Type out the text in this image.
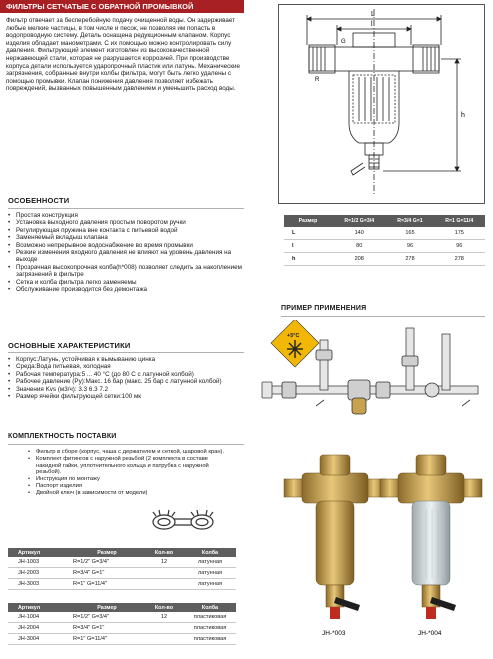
ФИЛЬТРЫ СЕТЧАТЫЕ С ОБРАТНОЙ ПРОМЫВКОЙ
Фильтр отвечает за бесперебойную подачу очищенной воды. Он задерживает любые мелкие частицы, в том числе и песок, не позволяя им попасть в водопроводную систему. Деталь оснащена редукционным клапаном. Корпус изделия обладает манометрами. С их помощью можно контролировать силу давления. Фильтрующий элемент изготовлен из высококачественной нержавеющей стали, которая не разрушается коррозией. При производстве корпуса детали используется ударопрочный пластик или латунь. Механические загрязнения, собранные внутри колбы фильтра, могут быть легко удалены с помощью промывки. Клапан понижения давления позволяет избежать повреждений, вызванных повышенным давлением и уменьшить расход воды.
ОСОБЕННОСТИ
• Простая конструкция
• Установка выходного давления простым поворотом ручки
• Регулирующая пружина вне контакта с питьевой водой
• Заменяемый вкладыш клапана
• Возможно непрерывное водоснабжение во время промывки
• Резкие изменения входного давления не влияют на уровень давления на выходе
• Прозрачная высокопрочная колба(h*008) позволяет следить за накоплением загрязнений в фильтре
• Сетка и колба фильтра легко заменяемы
• Обслуживание производится без демонтажа
ОСНОВНЫЕ ХАРАКТЕРИСТИКИ
• Корпус:Латунь, устойчивая к вымыванию цинка
• Среда:Вода питьевая, холодная
• Рабочая температура:5 ... 40 °С (до 80 С с латунной колбой)
• Рабочее давление (Ру):Макс. 16 бар (макс. 25 бар с латунной колбой)
• Значения Kvs (м3/ч): 3.3 6.3 7.2
• Размер ячейки фильтрующей сетки:100 мк
КОМПЛЕКТНОСТЬ ПОСТАВКИ
• Фильтр в сборе (корпус, чаша с держателем и сеткой, шаровой кран).
• Комплект фитингов с наружной резьбой (2 комплекта в составе накидной гайки, уплотнительного кольца и патрубка с наружной резьбой).
• Инструкция по монтажу
• Паспорт изделия
• Двойной ключ (в зависимости от модели)
Артикул	Размер	Кол-во	Колба
JH-1003	R=1/2" G=3/4"	12	латунная
JH-2003	R=3/4" G=1"		латунная
JH-3003	R=1" G=11/4"		латунная
Артикул	Размер	Кол-во	Колба
JH-1004	R=1/2" G=3/4"	12	пластиковая
JH-2004	R=3/4" G=1"		пластиковая
JH-3004	R=1" G=11/4"		пластиковая
L
l
h
R
G
Размер	R=1/2 G=3/4	R=3/4 G=1	R=1 G=11/4
L	140	165	175
l	80	96	96
h	208	278	278
ПРИМЕР ПРИМЕНЕНИЯ
+5°C
JH-*003	JH-*004
